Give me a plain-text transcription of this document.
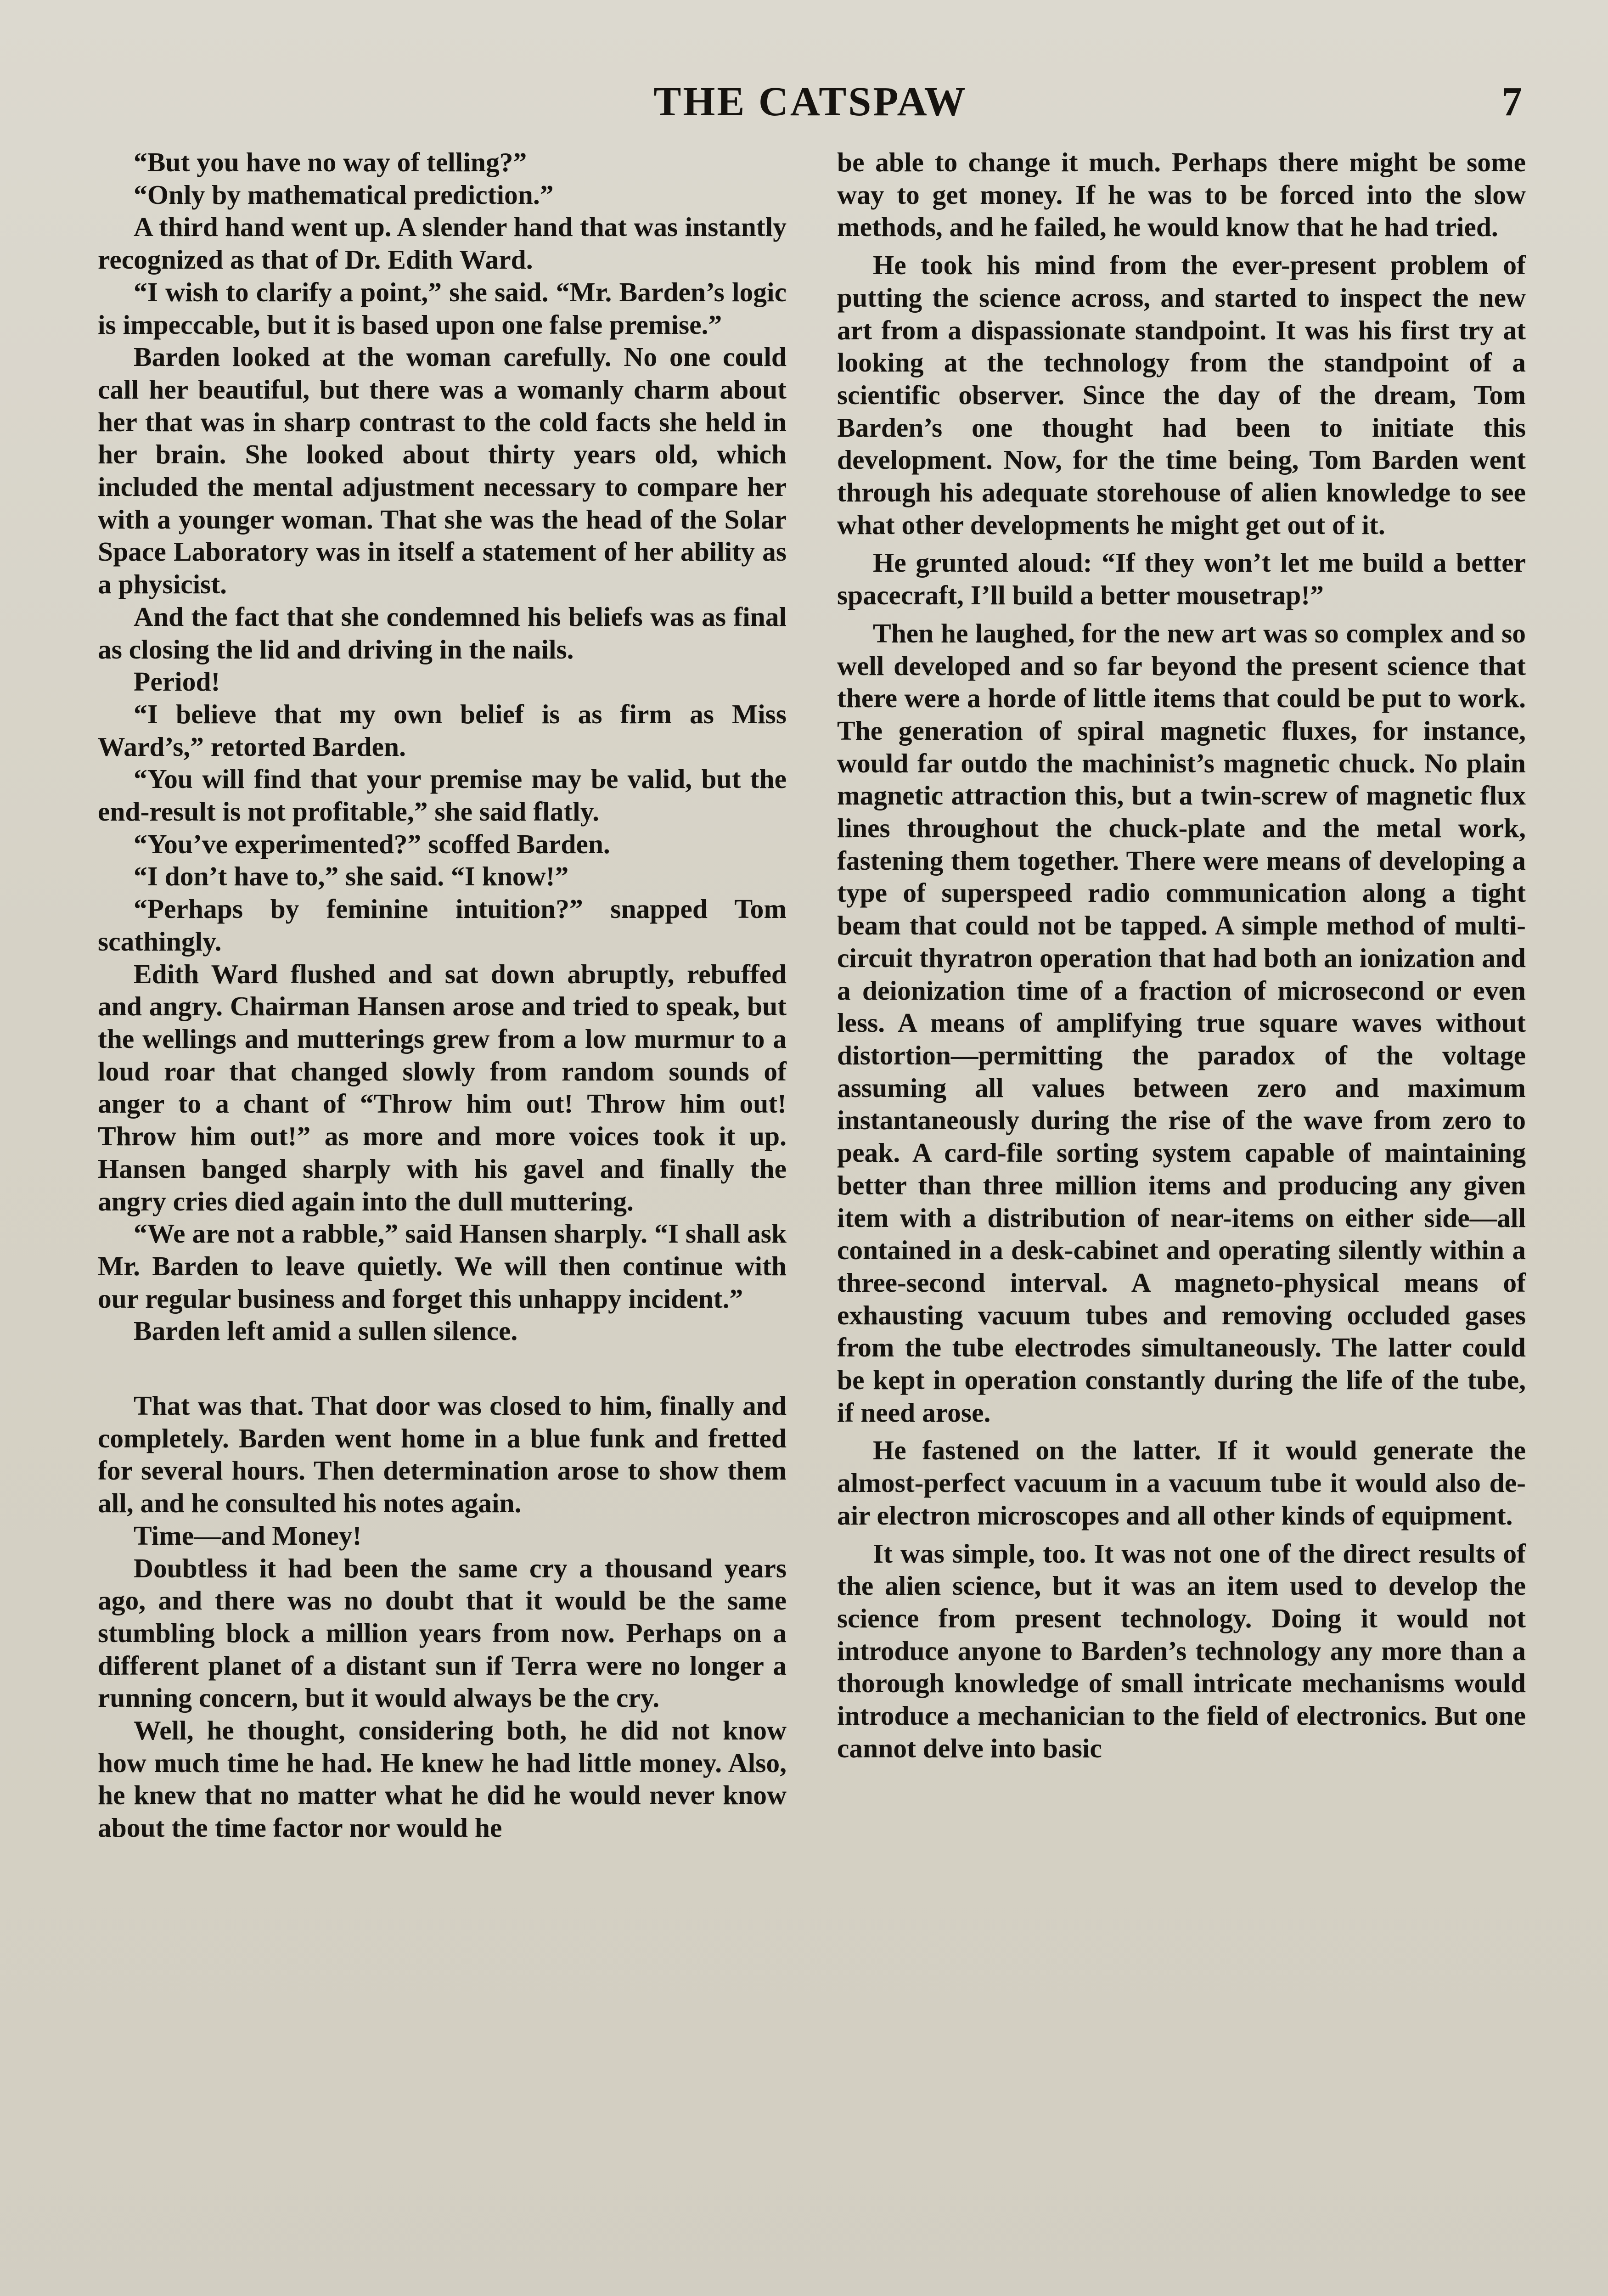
THE CATSPAW	7

“But you have no way of telling?”

“Only by mathematical prediction.”

A third hand went up. A slender hand that was instantly recognized as that of Dr. Edith Ward.

“I wish to clarify a point,” she said. “Mr. Barden’s logic is impeccable, but it is based upon one false premise.”

Barden looked at the woman carefully. No one could call her beautiful, but there was a womanly charm about her that was in sharp contrast to the cold facts she held in her brain. She looked about thirty years old, which included the mental adjustment necessary to compare her with a younger woman. That she was the head of the Solar Space Laboratory was in itself a statement of her ability as a physicist.

And the fact that she condemned his beliefs was as final as closing the lid and driving in the nails.

Period!

“I believe that my own belief is as firm as Miss Ward’s,” retorted Barden.

“You will find that your premise may be valid, but the end-result is not profitable,” she said flatly.

“You’ve experimented?” scoffed Barden.

“I don’t have to,” she said. “I know!”

“Perhaps by feminine intuition?” snapped Tom scathingly.

Edith Ward flushed and sat down abruptly, rebuffed and angry. Chairman Hansen arose and tried to speak, but the wellings and mutterings grew from a low murmur to a loud roar that changed slowly from random sounds of anger to a chant of “Throw him out! Throw him out! Throw him out!” as more and more voices took it up. Hansen banged sharply with his gavel and finally the angry cries died again into the dull muttering.

“We are not a rabble,” said Hansen sharply. “I shall ask Mr. Barden to leave quietly. We will then continue with our regular business and forget this unhappy incident.”

Barden left amid a sullen silence.

That was that. That door was closed to him, finally and completely. Barden went home in a blue funk and fretted for several hours. Then determination arose to show them all, and he consulted his notes again.

Time—and Money!

Doubtless it had been the same cry a thousand years ago, and there was no doubt that it would be the same stumbling block a million years from now. Perhaps on a different planet of a distant sun if Terra were no longer a running concern, but it would always be the cry.

Well, he thought, considering both, he did not know how much time he had. He knew he had little money. Also, he knew that no matter what he did he would never know about the time factor nor would he

be able to change it much. Perhaps there might be some way to get money. If he was to be forced into the slow methods, and he failed, he would know that he had tried.

He took his mind from the ever-present problem of putting the science across, and started to inspect the new art from a dispassionate standpoint. It was his first try at looking at the technology from the standpoint of a scientific observer. Since the day of the dream, Tom Barden’s one thought had been to initiate this development. Now, for the time being, Tom Barden went through his adequate storehouse of alien knowledge to see what other developments he might get out of it.

He grunted aloud: “If they won’t let me build a better spacecraft, I’ll build a better mousetrap!”

Then he laughed, for the new art was so complex and so well developed and so far beyond the present science that there were a horde of little items that could be put to work. The generation of spiral magnetic fluxes, for instance, would far outdo the machinist’s magnetic chuck. No plain magnetic attraction this, but a twin-screw of magnetic flux lines throughout the chuck-plate and the metal work, fastening them together. There were means of developing a type of superspeed radio communication along a tight beam that could not be tapped. A simple method of multi-circuit thyratron operation that had both an ionization and a deionization time of a fraction of microsecond or even less. A means of amplifying true square waves without distortion—permitting the paradox of the voltage assuming all values between zero and maximum instantaneously during the rise of the wave from zero to peak. A card-file sorting system capable of maintaining better than three million items and producing any given item with a distribution of near-items on either side—all contained in a desk-cabinet and operating silently within a three-second interval. A magneto-physical means of exhausting vacuum tubes and removing occluded gases from the tube electrodes simultaneously. The latter could be kept in operation constantly during the life of the tube, if need arose.

He fastened on the latter. If it would generate the almost-perfect vacuum in a vacuum tube it would also de-air electron microscopes and all other kinds of equipment.

It was simple, too. It was not one of the direct results of the alien science, but it was an item used to develop the science from present technology. Doing it would not introduce anyone to Barden’s technology any more than a thorough knowledge of small intricate mechanisms would introduce a mechanician to the field of electronics. But one cannot delve into basic
